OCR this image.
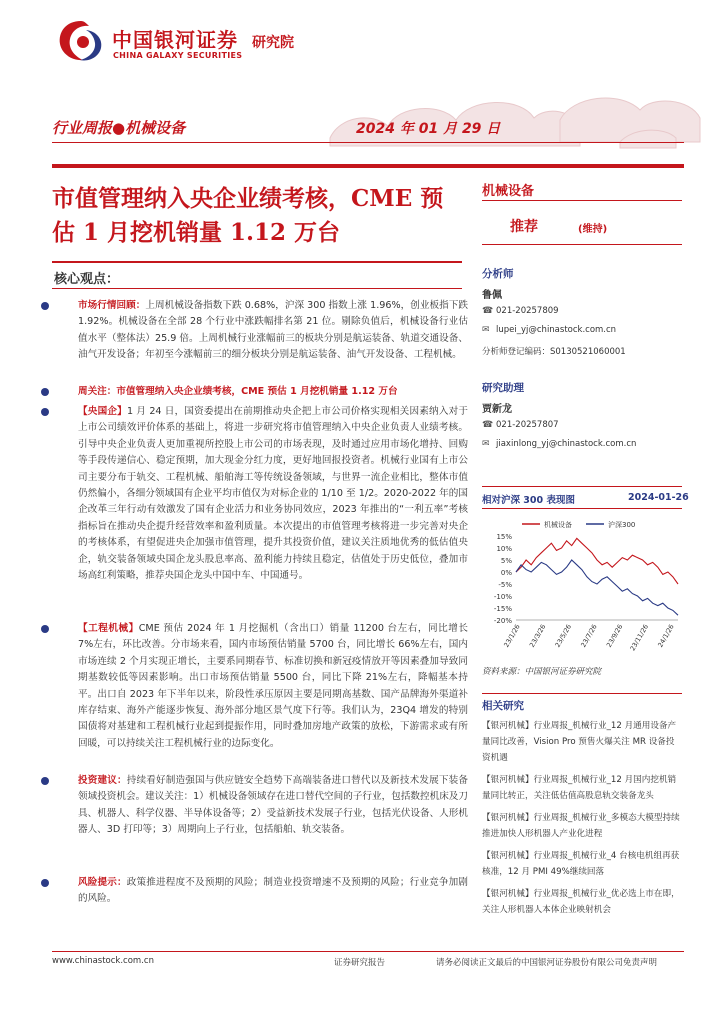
中国银河证券
CHINA GALAXY SECURITIES
研究院
行业周报●机械设备	2024 年 01 月 29 日
市值管理纳入央企业绩考核，CME 预估 1 月挖机销量 1.12 万台
核心观点：
市场行情回顾：上周机械设备指数下跌 0.68%，沪深 300 指数上涨 1.96%，创业板指下跌 1.92%。机械设备在全部 28 个行业中涨跌幅排名第 21 位。剔除负值后，机械设备行业估值水平（整体法）25.9 倍。上周机械行业涨幅前三的板块分别是航运装备、轨道交通设备、油气开发设备；年初至今涨幅前三的细分板块分别是航运装备、油气开发设备、工程机械。
周关注：市值管理纳入央企业绩考核，CME 预估 1 月挖机销量 1.12 万台
【央国企】1 月 24 日，国资委提出在前期推动央企把上市公司价格实现相关因素纳入对于上市公司绩效评价体系的基础上，将进一步研究将市值管理纳入中央企业负责人业绩考核。引导中央企业负责人更加重视所控股上市公司的市场表现，及时通过应用市场化增持、回购等手段传递信心、稳定预期，加大现金分红力度，更好地回报投资者。机械行业国有上市公司主要分布于轨交、工程机械、船舶海工等传统设备领域，与世界一流企业相比，整体市值仍然偏小，各细分领域国有企业平均市值仅为对标企业的 1/10 至 1/2。2020-2022 年的国企改革三年行动有效激发了国有企业活力和业务协同效应，2023 年推出的“一利五率”考核指标旨在推动央企提升经营效率和盈利质量。本次提出的市值管理考核将进一步完善对央企的考核体系，有望促进央企加强市值管理，提升其投资价值，建议关注质地优秀的低估值央企，轨交装备领域央国企龙头股息率高、盈利能力持续且稳定，估值处于历史低位，叠加市场高红利策略，推荐央国企龙头中国中车、中国通号。
【工程机械】CME 预估 2024 年 1 月挖掘机（含出口）销量 11200 台左右，同比增长 7%左右，环比改善。分市场来看，国内市场预估销量 5700 台，同比增长 66%左右，国内市场连续 2 个月实现正增长，主要系同期春节、标准切换和新冠疫情放开等因素叠加导致同期基数较低等因素影响。出口市场预估销量 5500 台，同比下降 21%左右，降幅基本持平。出口自 2023 年下半年以来，阶段性承压原因主要是同期高基数、国产品牌海外渠道补库存结束、海外产能逐步恢复、海外部分地区景气度下行等。我们认为，23Q4 增发的特别国债将对基建和工程机械行业起到提振作用，同时叠加房地产政策的放松，下游需求或有所回暖，可以持续关注工程机械行业的边际变化。
投资建议：持续看好制造强国与供应链安全趋势下高端装备进口替代以及新技术发展下装备领域投资机会。建议关注：1）机械设备领域存在进口替代空间的子行业，包括数控机床及刀具、机器人、科学仪器、半导体设备等；2）受益新技术发展子行业，包括光伏设备、人形机器人、3D 打印等；3）周期向上子行业，包括船舶、轨交装备。
风险提示：政策推进程度不及预期的风险；制造业投资增速不及预期的风险；行业竞争加剧的风险。
机械设备
推荐	(维持)
分析师
鲁佩
☎ 021-20257809
✉ lupei_yj@chinastock.com.cn
分析师登记编码：S0130521060001
研究助理
贾新龙
☎ 021-20257807
✉ jiaxinlong_yj@chinastock.com.cn
相对沪深 300 表现图	2024-01-26
15%
10%
5%
0%
-5%
-10%
-15%
-20%
23/1/26 23/3/26 23/5/26 23/7/26 23/9/26 23/11/26 24/1/26
机械设备	沪深300
资料来源：中国银河证券研究院
相关研究
【银河机械】行业周报_机械行业_12 月通用设备产量同比改善，Vision Pro 预售火爆关注 MR 设备投资机遇
【银河机械】行业周报_机械行业_12 月国内挖机销量同比转正，关注低估值高股息轨交装备龙头
【银河机械】行业周报_机械行业_多模态大模型持续推进加快人形机器人产业化进程
【银河机械】行业周报_机械行业_4 台核电机组再获核准，12 月 PMI 49%继续回落
【银河机械】行业周报_机械行业_优必选上市在即，关注人形机器人本体企业映射机会
www.chinastock.com.cn	证券研究报告	请务必阅读正文最后的中国银河证券股份有限公司免责声明
